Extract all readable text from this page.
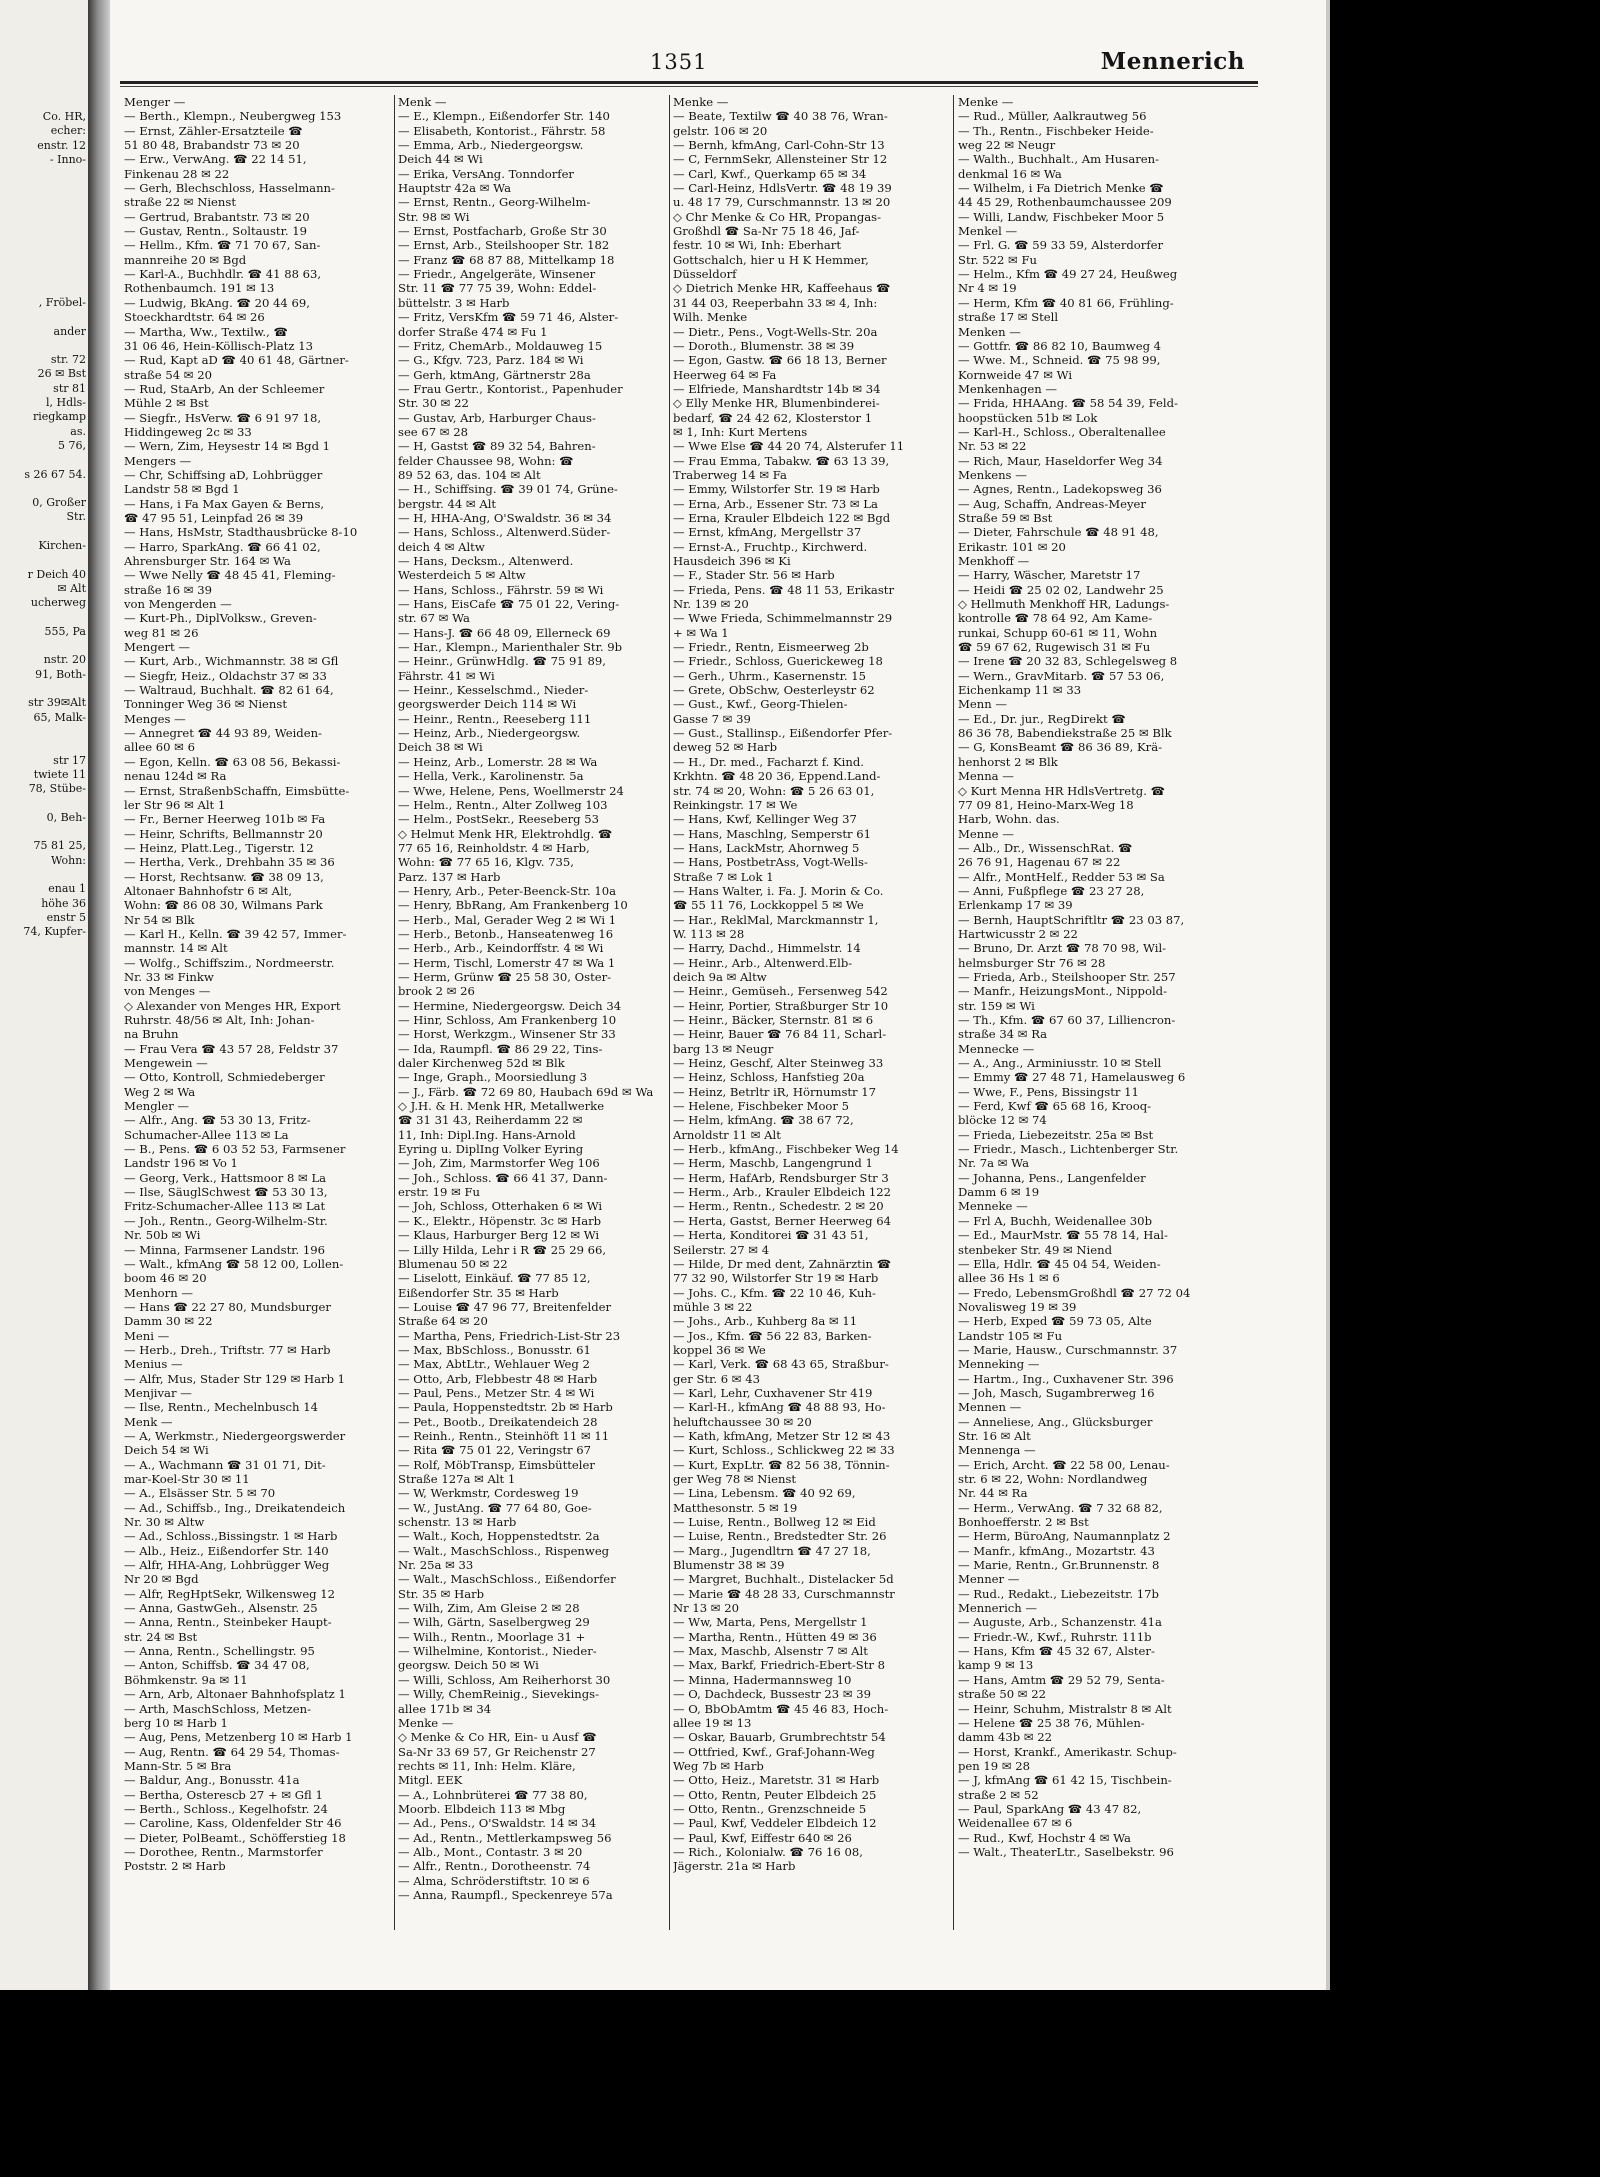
Co. HR,
echer:
enstr. 12
- Inno-
, Fröbel-
ander
str. 72
26 ✉ Bst
str 81
l, Hdls-
riegkamp
as.
5 76,
s 26 67 54.
0, Großer
Str.
Kirchen-
r Deich 40
✉ Alt
ucherweg
555, Pa
nstr. 20
91, Both-
str 39✉Alt
65, Malk-
str 17
twiete 11
78, Stübe-
0, Beh-
75 81 25,
Wohn:
enau 1
höhe 36
enstr 5
74, Kupfer-
1351	Mennerich
Menger —
— Berth., Klempn., Neubergweg 153
— Ernst, Zähler-Ersatzteile ☎
51 80 48, Brabandstr 73 ✉ 20
— Erw., VerwAng. ☎ 22 14 51,
Finkenau 28 ✉ 22
— Gerh, Blechschloss, Hasselmann-
straße 22 ✉ Nienst
— Gertrud, Brabantstr. 73 ✉ 20
— Gustav, Rentn., Soltaustr. 19
— Hellm., Kfm. ☎ 71 70 67, San-
mannreihe 20 ✉ Bgd
— Karl-A., Buchhdlr. ☎ 41 88 63,
Rothenbaumch. 191 ✉ 13
— Ludwig, BkAng. ☎ 20 44 69,
Stoeckhardtstr. 64 ✉ 26
— Martha, Ww., Textilw., ☎
31 06 46, Hein-Köllisch-Platz 13
— Rud, Kapt aD ☎ 40 61 48, Gärtner-
straße 54 ✉ 20
— Rud, StaArb, An der Schleemer
Mühle 2 ✉ Bst
— Siegfr., HsVerw. ☎ 6 91 97 18,
Hiddingeweg 2c ✉ 33
— Wern, Zim, Heysestr 14 ✉ Bgd 1
Mengers —
— Chr, Schiffsing aD, Lohbrügger
Landstr 58 ✉ Bgd 1
— Hans, i Fa Max Gayen & Berns,
☎ 47 95 51, Leinpfad 26 ✉ 39
— Hans, HsMstr, Stadthausbrücke 8-10
— Harro, SparkAng. ☎ 66 41 02,
Ahrensburger Str. 164 ✉ Wa
— Wwe Nelly ☎ 48 45 41, Fleming-
straße 16 ✉ 39
von Mengerden —
— Kurt-Ph., DiplVolksw., Greven-
weg 81 ✉ 26
Mengert —
— Kurt, Arb., Wichmannstr. 38 ✉ Gfl
— Siegfr, Heiz., Oldachstr 37 ✉ 33
— Waltraud, Buchhalt. ☎ 82 61 64,
Tonninger Weg 36 ✉ Nienst
Menges —
— Annegret ☎ 44 93 89, Weiden-
allee 60 ✉ 6
— Egon, Kelln. ☎ 63 08 56, Bekassi-
nenau 124d ✉ Ra
— Ernst, StraßenbSchaffn, Eimsbütte-
ler Str 96 ✉ Alt 1
— Fr., Berner Heerweg 101b ✉ Fa
— Heinr, Schrifts, Bellmannstr 20
— Heinz, Platt.Leg., Tigerstr. 12
— Hertha, Verk., Drehbahn 35 ✉ 36
— Horst, Rechtsanw. ☎ 38 09 13,
Altonaer Bahnhofstr 6 ✉ Alt,
Wohn: ☎ 86 08 30, Wilmans Park
Nr 54 ✉ Blk
— Karl H., Kelln. ☎ 39 42 57, Immer-
mannstr. 14 ✉ Alt
— Wolfg., Schiffszim., Nordmeerstr.
Nr. 33 ✉ Finkw
von Menges —
◇ Alexander von Menges HR, Export
Ruhrstr. 48/56 ✉ Alt, Inh: Johan-
na Bruhn
— Frau Vera ☎ 43 57 28, Feldstr 37
Mengewein —
— Otto, Kontroll, Schmiedeberger
Weg 2 ✉ Wa
Mengler —
— Alfr., Ang. ☎ 53 30 13, Fritz-
Schumacher-Allee 113 ✉ La
— B., Pens. ☎ 6 03 52 53, Farmsener
Landstr 196 ✉ Vo 1
— Georg, Verk., Hattsmoor 8 ✉ La
— Ilse, SäuglSchwest ☎ 53 30 13,
Fritz-Schumacher-Allee 113 ✉ Lat
— Joh., Rentn., Georg-Wilhelm-Str.
Nr. 50b ✉ Wi
— Minna, Farmsener Landstr. 196
— Walt., kfmAng ☎ 58 12 00, Lollen-
boom 46 ✉ 20
Menhorn —
— Hans ☎ 22 27 80, Mundsburger
Damm 30 ✉ 22
Meni —
— Herb., Dreh., Triftstr. 77 ✉ Harb
Menius —
— Alfr, Mus, Stader Str 129 ✉ Harb 1
Menjivar —
— Ilse, Rentn., Mechelnbusch 14
Menk —
— A, Werkmstr., Niedergeorgswerder
Deich 54 ✉ Wi
— A., Wachmann ☎ 31 01 71, Dit-
mar-Koel-Str 30 ✉ 11
— A., Elsässer Str. 5 ✉ 70
— Ad., Schiffsb., Ing., Dreikatendeich
Nr. 30 ✉ Altw
— Ad., Schloss.,Bissingstr. 1 ✉ Harb
— Alb., Heiz., Eißendorfer Str. 140
— Alfr, HHA-Ang, Lohbrügger Weg
Nr 20 ✉ Bgd
— Alfr, RegHptSekr, Wilkensweg 12
— Anna, GastwGeh., Alsenstr. 25
— Anna, Rentn., Steinbeker Haupt-
str. 24 ✉ Bst
— Anna, Rentn., Schellingstr. 95
— Anton, Schiffsb. ☎ 34 47 08,
Böhmkenstr. 9a ✉ 11
— Arn, Arb, Altonaer Bahnhofsplatz 1
— Arth, MaschSchloss, Metzen-
berg 10 ✉ Harb 1
— Aug, Pens, Metzenberg 10 ✉ Harb 1
— Aug, Rentn. ☎ 64 29 54, Thomas-
Mann-Str. 5 ✉ Bra
— Baldur, Ang., Bonusstr. 41a
— Bertha, Osterescb 27 + ✉ Gfl 1
— Berth., Schloss., Kegelhofstr. 24
— Caroline, Kass, Oldenfelder Str 46
— Dieter, PolBeamt., Schöfferstieg 18
— Dorothee, Rentn., Marmstorfer
Poststr. 2 ✉ Harb
Menk —
— E., Klempn., Eißendorfer Str. 140
— Elisabeth, Kontorist., Fährstr. 58
— Emma, Arb., Niedergeorgsw.
Deich 44 ✉ Wi
— Erika, VersAng. Tonndorfer
Hauptstr 42a ✉ Wa
— Ernst, Rentn., Georg-Wilhelm-
Str. 98 ✉ Wi
— Ernst, Postfacharb, Große Str 30
— Ernst, Arb., Steilshooper Str. 182
— Franz ☎ 68 87 88, Mittelkamp 18
— Friedr., Angelgeräte, Winsener
Str. 11 ☎ 77 75 39, Wohn: Eddel-
büttelstr. 3 ✉ Harb
— Fritz, VersKfm ☎ 59 71 46, Alster-
dorfer Straße 474 ✉ Fu 1
— Fritz, ChemArb., Moldauweg 15
— G., Kfgv. 723, Parz. 184 ✉ Wi
— Gerh, ktmAng, Gärtnerstr 28a
— Frau Gertr., Kontorist., Papenhuder
Str. 30 ✉ 22
— Gustav, Arb, Harburger Chaus-
see 67 ✉ 28
— H, Gastst ☎ 89 32 54, Bahren-
felder Chaussee 98, Wohn: ☎
89 52 63, das. 104 ✉ Alt
— H., Schiffsing. ☎ 39 01 74, Grüne-
bergstr. 44 ✉ Alt
— H, HHA-Ang, O'Swaldstr. 36 ✉ 34
— Hans, Schloss., Altenwerd.Süder-
deich 4 ✉ Altw
— Hans, Decksm., Altenwerd.
Westerdeich 5 ✉ Altw
— Hans, Schloss., Fährstr. 59 ✉ Wi
— Hans, EisCafe ☎ 75 01 22, Vering-
str. 67 ✉ Wa
— Hans-J. ☎ 66 48 09, Ellerneck 69
— Har., Klempn., Marienthaler Str. 9b
— Heinr., GrünwHdlg. ☎ 75 91 89,
Fährstr. 41 ✉ Wi
— Heinr., Kesselschmd., Nieder-
georgswerder Deich 114 ✉ Wi
— Heinr., Rentn., Reeseberg 111
— Heinz, Arb., Niedergeorgsw.
Deich 38 ✉ Wi
— Heinz, Arb., Lomerstr. 28 ✉ Wa
— Hella, Verk., Karolinenstr. 5a
— Wwe, Helene, Pens, Woellmerstr 24
— Helm., Rentn., Alter Zollweg 103
— Helm., PostSekr., Reeseberg 53
◇ Helmut Menk HR, Elektrohdlg. ☎
77 65 16, Reinholdstr. 4 ✉ Harb,
Wohn: ☎ 77 65 16, Klgv. 735,
Parz. 137 ✉ Harb
— Henry, Arb., Peter-Beenck-Str. 10a
— Henry, BbRang, Am Frankenberg 10
— Herb., Mal, Gerader Weg 2 ✉ Wi 1
— Herb., Betonb., Hanseatenweg 16
— Herb., Arb., Keindorffstr. 4 ✉ Wi
— Herm, Tischl, Lomerstr 47 ✉ Wa 1
— Herm, Grünw ☎ 25 58 30, Oster-
brook 2 ✉ 26
— Hermine, Niedergeorgsw. Deich 34
— Hinr, Schloss, Am Frankenberg 10
— Horst, Werkzgm., Winsener Str 33
— Ida, Raumpfl. ☎ 86 29 22, Tins-
daler Kirchenweg 52d ✉ Blk
— Inge, Graph., Moorsiedlung 3
— J., Färb. ☎ 72 69 80, Haubach 69d ✉ Wa
◇ J.H. & H. Menk HR, Metallwerke
☎ 31 31 43, Reiherdamm 22 ✉
11, Inh: Dipl.Ing. Hans-Arnold
Eyring u. DiplIng Volker Eyring
— Joh, Zim, Marmstorfer Weg 106
— Joh., Schloss. ☎ 66 41 37, Dann-
erstr. 19 ✉ Fu
— Joh, Schloss, Otterhaken 6 ✉ Wi
— K., Elektr., Höpenstr. 3c ✉ Harb
— Klaus, Harburger Berg 12 ✉ Wi
— Lilly Hilda, Lehr i R ☎ 25 29 66,
Blumenau 50 ✉ 22
— Liselott, Einkäuf. ☎ 77 85 12,
Eißendorfer Str. 35 ✉ Harb
— Louise ☎ 47 96 77, Breitenfelder
Straße 64 ✉ 20
— Martha, Pens, Friedrich-List-Str 23
— Max, BbSchloss., Bonusstr. 61
— Max, AbtLtr., Wehlauer Weg 2
— Otto, Arb, Flebbestr 48 ✉ Harb
— Paul, Pens., Metzer Str. 4 ✉ Wi
— Paula, Hoppenstedtstr. 2b ✉ Harb
— Pet., Bootb., Dreikatendeich 28
— Reinh., Rentn., Steinhöft 11 ✉ 11
— Rita ☎ 75 01 22, Veringstr 67
— Rolf, MöbTransp, Eimsbütteler
Straße 127a ✉ Alt 1
— W, Werkmstr, Cordesweg 19
— W., JustAng. ☎ 77 64 80, Goe-
schenstr. 13 ✉ Harb
— Walt., Koch, Hoppenstedtstr. 2a
— Walt., MaschSchloss., Rispenweg
Nr. 25a ✉ 33
— Walt., MaschSchloss., Eißendorfer
Str. 35 ✉ Harb
— Wilh, Zim, Am Gleise 2 ✉ 28
— Wilh, Gärtn, Saselbergweg 29
— Wilh., Rentn., Moorlage 31 +
— Wilhelmine, Kontorist., Nieder-
georgsw. Deich 50 ✉ Wi
— Willi, Schloss, Am Reiherhorst 30
— Willy, ChemReinig., Sievekings-
allee 171b ✉ 34
Menke —
◇ Menke & Co HR, Ein- u Ausf ☎
Sa-Nr 33 69 57, Gr Reichenstr 27
rechts ✉ 11, Inh: Helm. Kläre,
Mitgl. EEK
— A., Lohnbrüterei ☎ 77 38 80,
Moorb. Elbdeich 113 ✉ Mbg
— Ad., Pens., O'Swaldstr. 14 ✉ 34
— Ad., Rentn., Mettlerkampsweg 56
— Alb., Mont., Contastr. 3 ✉ 20
— Alfr., Rentn., Dorotheenstr. 74
— Alma, Schröderstiftstr. 10 ✉ 6
— Anna, Raumpfl., Speckenreye 57a
Menke —
— Beate, Textilw ☎ 40 38 76, Wran-
gelstr. 106 ✉ 20
— Bernh, kfmAng, Carl-Cohn-Str 13
— C, FernmSekr, Allensteiner Str 12
— Carl, Kwf., Querkamp 65 ✉ 34
— Carl-Heinz, HdlsVertr. ☎ 48 19 39
u. 48 17 79, Curschmannstr. 13 ✉ 20
◇ Chr Menke & Co HR, Propangas-
Großhdl ☎ Sa-Nr 75 18 46, Jaf-
festr. 10 ✉ Wi, Inh: Eberhart
Gottschalch, hier u H K Hemmer,
Düsseldorf
◇ Dietrich Menke HR, Kaffeehaus ☎
31 44 03, Reeperbahn 33 ✉ 4, Inh:
Wilh. Menke
— Dietr., Pens., Vogt-Wells-Str. 20a
— Doroth., Blumenstr. 38 ✉ 39
— Egon, Gastw. ☎ 66 18 13, Berner
Heerweg 64 ✉ Fa
— Elfriede, Manshardtstr 14b ✉ 34
◇ Elly Menke HR, Blumenbinderei-
bedarf, ☎ 24 42 62, Klosterstor 1
✉ 1, Inh: Kurt Mertens
— Wwe Else ☎ 44 20 74, Alsterufer 11
— Frau Emma, Tabakw. ☎ 63 13 39,
Traberweg 14 ✉ Fa
— Emmy, Wilstorfer Str. 19 ✉ Harb
— Erna, Arb., Essener Str. 73 ✉ La
— Erna, Krauler Elbdeich 122 ✉ Bgd
— Ernst, kfmAng, Mergellstr 37
— Ernst-A., Fruchtp., Kirchwerd.
Hausdeich 396 ✉ Ki
— F., Stader Str. 56 ✉ Harb
— Frieda, Pens. ☎ 48 11 53, Erikastr
Nr. 139 ✉ 20
— Wwe Frieda, Schimmelmannstr 29
+ ✉ Wa 1
— Friedr., Rentn, Eismeerweg 2b
— Friedr., Schloss, Guerickeweg 18
— Gerh., Uhrm., Kasernenstr. 15
— Grete, ObSchw, Oesterleystr 62
— Gust., Kwf., Georg-Thielen-
Gasse 7 ✉ 39
— Gust., Stallinsp., Eißendorfer Pfer-
deweg 52 ✉ Harb
— H., Dr. med., Facharzt f. Kind.
Krkhtn. ☎ 48 20 36, Eppend.Land-
str. 74 ✉ 20, Wohn: ☎ 5 26 63 01,
Reinkingstr. 17 ✉ We
— Hans, Kwf, Kellinger Weg 37
— Hans, Maschlng, Semperstr 61
— Hans, LackMstr, Ahornweg 5
— Hans, PostbetrAss, Vogt-Wells-
Straße 7 ✉ Lok 1
— Hans Walter, i. Fa. J. Morin & Co.
☎ 55 11 76, Lockkoppel 5 ✉ We
— Har., ReklMal, Marckmannstr 1,
W. 113 ✉ 28
— Harry, Dachd., Himmelstr. 14
— Heinr., Arb., Altenwerd.Elb-
deich 9a ✉ Altw
— Heinr., Gemüseh., Fersenweg 542
— Heinr, Portier, Straßburger Str 10
— Heinr., Bäcker, Sternstr. 81 ✉ 6
— Heinr, Bauer ☎ 76 84 11, Scharl-
barg 13 ✉ Neugr
— Heinz, Geschf, Alter Steinweg 33
— Heinz, Schloss, Hanfstieg 20a
— Heinz, Betrltr iR, Hörnumstr 17
— Helene, Fischbeker Moor 5
— Helm, kfmAng. ☎ 38 67 72,
Arnoldstr 11 ✉ Alt
— Herb., kfmAng., Fischbeker Weg 14
— Herm, Maschb, Langengrund 1
— Herm, HafArb, Rendsburger Str 3
— Herm., Arb., Krauler Elbdeich 122
— Herm., Rentn., Schedestr. 2 ✉ 20
— Herta, Gastst, Berner Heerweg 64
— Herta, Konditorei ☎ 31 43 51,
Seilerstr. 27 ✉ 4
— Hilde, Dr med dent, Zahnärztin ☎
77 32 90, Wilstorfer Str 19 ✉ Harb
— Johs. C., Kfm. ☎ 22 10 46, Kuh-
mühle 3 ✉ 22
— Johs., Arb., Kuhberg 8a ✉ 11
— Jos., Kfm. ☎ 56 22 83, Barken-
koppel 36 ✉ We
— Karl, Verk. ☎ 68 43 65, Straßbur-
ger Str. 6 ✉ 43
— Karl, Lehr, Cuxhavener Str 419
— Karl-H., kfmAng ☎ 48 88 93, Ho-
heluftchaussee 30 ✉ 20
— Kath, kfmAng, Metzer Str 12 ✉ 43
— Kurt, Schloss., Schlickweg 22 ✉ 33
— Kurt, ExpLtr. ☎ 82 56 38, Tönnin-
ger Weg 78 ✉ Nienst
— Lina, Lebensm. ☎ 40 92 69,
Matthesonstr. 5 ✉ 19
— Luise, Rentn., Bollweg 12 ✉ Eid
— Luise, Rentn., Bredstedter Str. 26
— Marg., Jugendltrn ☎ 47 27 18,
Blumenstr 38 ✉ 39
— Margret, Buchhalt., Distelacker 5d
— Marie ☎ 48 28 33, Curschmannstr
Nr 13 ✉ 20
— Ww, Marta, Pens, Mergellstr 1
— Martha, Rentn., Hütten 49 ✉ 36
— Max, Maschb, Alsenstr 7 ✉ Alt
— Max, Barkf, Friedrich-Ebert-Str 8
— Minna, Hadermannsweg 10
— O, Dachdeck, Bussestr 23 ✉ 39
— O, BbObAmtm ☎ 45 46 83, Hoch-
allee 19 ✉ 13
— Oskar, Bauarb, Grumbrechtstr 54
— Ottfried, Kwf., Graf-Johann-Weg
Weg 7b ✉ Harb
— Otto, Heiz., Maretstr. 31 ✉ Harb
— Otto, Rentn, Peuter Elbdeich 25
— Otto, Rentn., Grenzschneide 5
— Paul, Kwf, Veddeler Elbdeich 12
— Paul, Kwf, Eiffestr 640 ✉ 26
— Rich., Kolonialw. ☎ 76 16 08,
Jägerstr. 21a ✉ Harb
Menke —
— Rud., Müller, Aalkrautweg 56
— Th., Rentn., Fischbeker Heide-
weg 22 ✉ Neugr
— Walth., Buchhalt., Am Husaren-
denkmal 16 ✉ Wa
— Wilhelm, i Fa Dietrich Menke ☎
44 45 29, Rothenbaumchaussee 209
— Willi, Landw, Fischbeker Moor 5
Menkel —
— Frl. G. ☎ 59 33 59, Alsterdorfer
Str. 522 ✉ Fu
— Helm., Kfm ☎ 49 27 24, Heußweg
Nr 4 ✉ 19
— Herm, Kfm ☎ 40 81 66, Frühling-
straße 17 ✉ Stell
Menken —
— Gottfr. ☎ 86 82 10, Baumweg 4
— Wwe. M., Schneid. ☎ 75 98 99,
Kornweide 47 ✉ Wi
Menkenhagen —
— Frida, HHAAng. ☎ 58 54 39, Feld-
hoopstücken 51b ✉ Lok
— Karl-H., Schloss., Oberaltenallee
Nr. 53 ✉ 22
— Rich, Maur, Haseldorfer Weg 34
Menkens —
— Agnes, Rentn., Ladekopsweg 36
— Aug, Schaffn, Andreas-Meyer
Straße 59 ✉ Bst
— Dieter, Fahrschule ☎ 48 91 48,
Erikastr. 101 ✉ 20
Menkhoff —
— Harry, Wäscher, Maretstr 17
— Heidi ☎ 25 02 02, Landwehr 25
◇ Hellmuth Menkhoff HR, Ladungs-
kontrolle ☎ 78 64 92, Am Kame-
runkai, Schupp 60-61 ✉ 11, Wohn
☎ 59 67 62, Rugewisch 31 ✉ Fu
— Irene ☎ 20 32 83, Schlegelsweg 8
— Wern., GravMitarb. ☎ 57 53 06,
Eichenkamp 11 ✉ 33
Menn —
— Ed., Dr. jur., RegDirekt ☎
86 36 78, Babendiekstraße 25 ✉ Blk
— G, KonsBeamt ☎ 86 36 89, Krä-
henhorst 2 ✉ Blk
Menna —
◇ Kurt Menna HR HdlsVertretg. ☎
77 09 81, Heino-Marx-Weg 18
Harb, Wohn. das.
Menne —
— Alb., Dr., WissenschRat. ☎
26 76 91, Hagenau 67 ✉ 22
— Alfr., MontHelf., Redder 53 ✉ Sa
— Anni, Fußpflege ☎ 23 27 28,
Erlenkamp 17 ✉ 39
— Bernh, HauptSchriftltr ☎ 23 03 87,
Hartwicusstr 2 ✉ 22
— Bruno, Dr. Arzt ☎ 78 70 98, Wil-
helmsburger Str 76 ✉ 28
— Frieda, Arb., Steilshooper Str. 257
— Manfr., HeizungsMont., Nippold-
str. 159 ✉ Wi
— Th., Kfm. ☎ 67 60 37, Lilliencron-
straße 34 ✉ Ra
Mennecke —
— A., Ang., Arminiusstr. 10 ✉ Stell
— Emmy ☎ 27 48 71, Hamelausweg 6
— Wwe, F., Pens, Bissingstr 11
— Ferd, Kwf ☎ 65 68 16, Krooq-
blöcke 12 ✉ 74
— Frieda, Liebezeitstr. 25a ✉ Bst
— Friedr., Masch., Lichtenberger Str.
Nr. 7a ✉ Wa
— Johanna, Pens., Langenfelder
Damm 6 ✉ 19
Menneke —
— Frl A, Buchh, Weidenallee 30b
— Ed., MaurMstr. ☎ 55 78 14, Hal-
stenbeker Str. 49 ✉ Niend
— Ella, Hdlr. ☎ 45 04 54, Weiden-
allee 36 Hs 1 ✉ 6
— Fredo, LebensmGroßhdl ☎ 27 72 04
Novalisweg 19 ✉ 39
— Herb, Exped ☎ 59 73 05, Alte
Landstr 105 ✉ Fu
— Marie, Hausw., Curschmannstr. 37
Menneking —
— Hartm., Ing., Cuxhavener Str. 396
— Joh, Masch, Sugambrerweg 16
Mennen —
— Anneliese, Ang., Glücksburger
Str. 16 ✉ Alt
Mennenga —
— Erich, Archt. ☎ 22 58 00, Lenau-
str. 6 ✉ 22, Wohn: Nordlandweg
Nr. 44 ✉ Ra
— Herm., VerwAng. ☎ 7 32 68 82,
Bonhoefferstr. 2 ✉ Bst
— Herm, BüroAng, Naumannplatz 2
— Manfr., kfmAng., Mozartstr. 43
— Marie, Rentn., Gr.Brunnenstr. 8
Menner —
— Rud., Redakt., Liebezeitstr. 17b
Mennerich —
— Auguste, Arb., Schanzenstr. 41a
— Friedr.-W., Kwf., Ruhrstr. 111b
— Hans, Kfm ☎ 45 32 67, Alster-
kamp 9 ✉ 13
— Hans, Amtm ☎ 29 52 79, Senta-
straße 50 ✉ 22
— Heinr, Schuhm, Mistralstr 8 ✉ Alt
— Helene ☎ 25 38 76, Mühlen-
damm 43b ✉ 22
— Horst, Krankf., Amerikastr. Schup-
pen 19 ✉ 28
— J, kfmAng ☎ 61 42 15, Tischbein-
straße 2 ✉ 52
— Paul, SparkAng ☎ 43 47 82,
Weidenallee 67 ✉ 6
— Rud., Kwf, Hochstr 4 ✉ Wa
— Walt., TheaterLtr., Saselbekstr. 96
